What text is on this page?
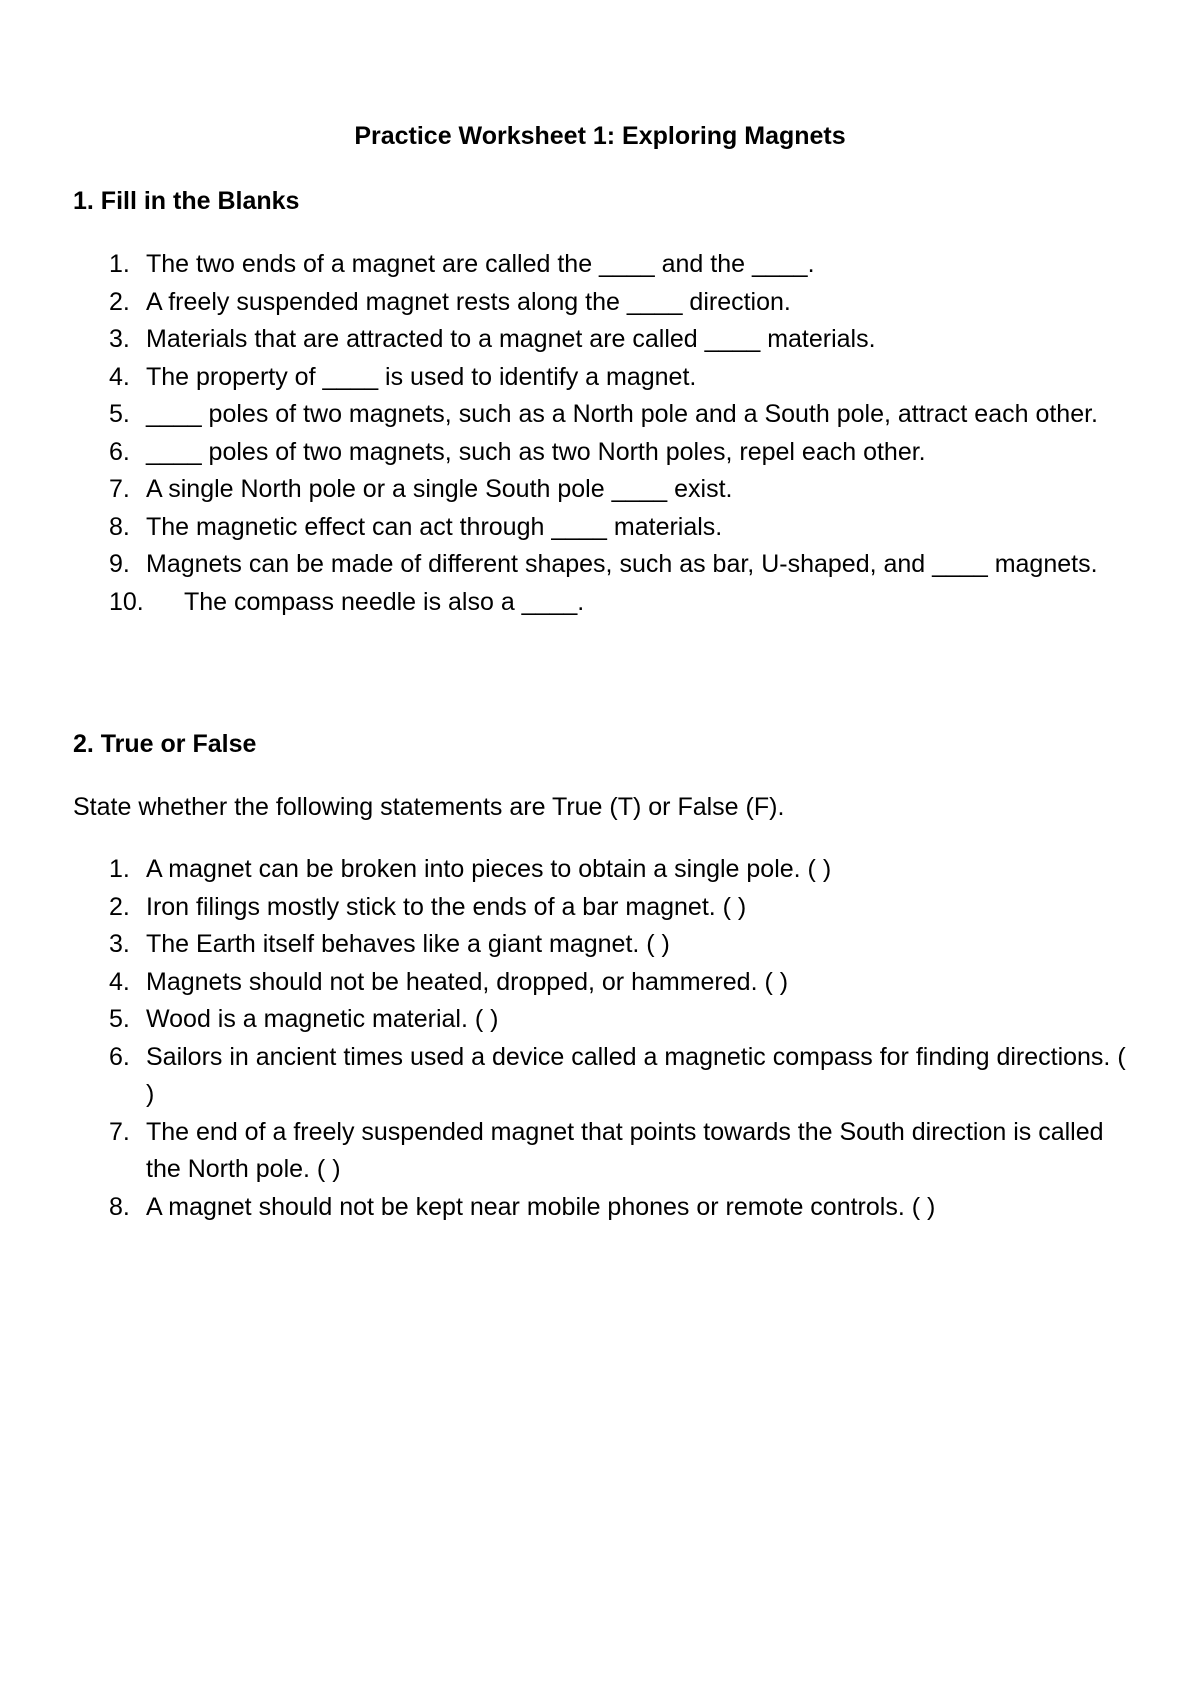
Practice Worksheet 1: Exploring Magnets
1. Fill in the Blanks
1. The two ends of a magnet are called the ____ and the ____.
2. A freely suspended magnet rests along the ____ direction.
3. Materials that are attracted to a magnet are called ____ materials.
4. The property of ____ is used to identify a magnet.
5. ____ poles of two magnets, such as a North pole and a South pole, attract each other.
6. ____ poles of two magnets, such as two North poles, repel each other.
7. A single North pole or a single South pole ____ exist.
8. The magnetic effect can act through ____ materials.
9. Magnets can be made of different shapes, such as bar, U-shaped, and ____ magnets.
10. The compass needle is also a ____.
2. True or False

State whether the following statements are True (T) or False (F).

1. A magnet can be broken into pieces to obtain a single pole. ( )
2. Iron filings mostly stick to the ends of a bar magnet. ( )
3. The Earth itself behaves like a giant magnet. ( )
4. Magnets should not be heated, dropped, or hammered. ( )
5. Wood is a magnetic material. ( )
6. Sailors in ancient times used a device called a magnetic compass for finding directions. ( )
7. The end of a freely suspended magnet that points towards the South direction is called the North pole. ( )
8. A magnet should not be kept near mobile phones or remote controls. ( )
